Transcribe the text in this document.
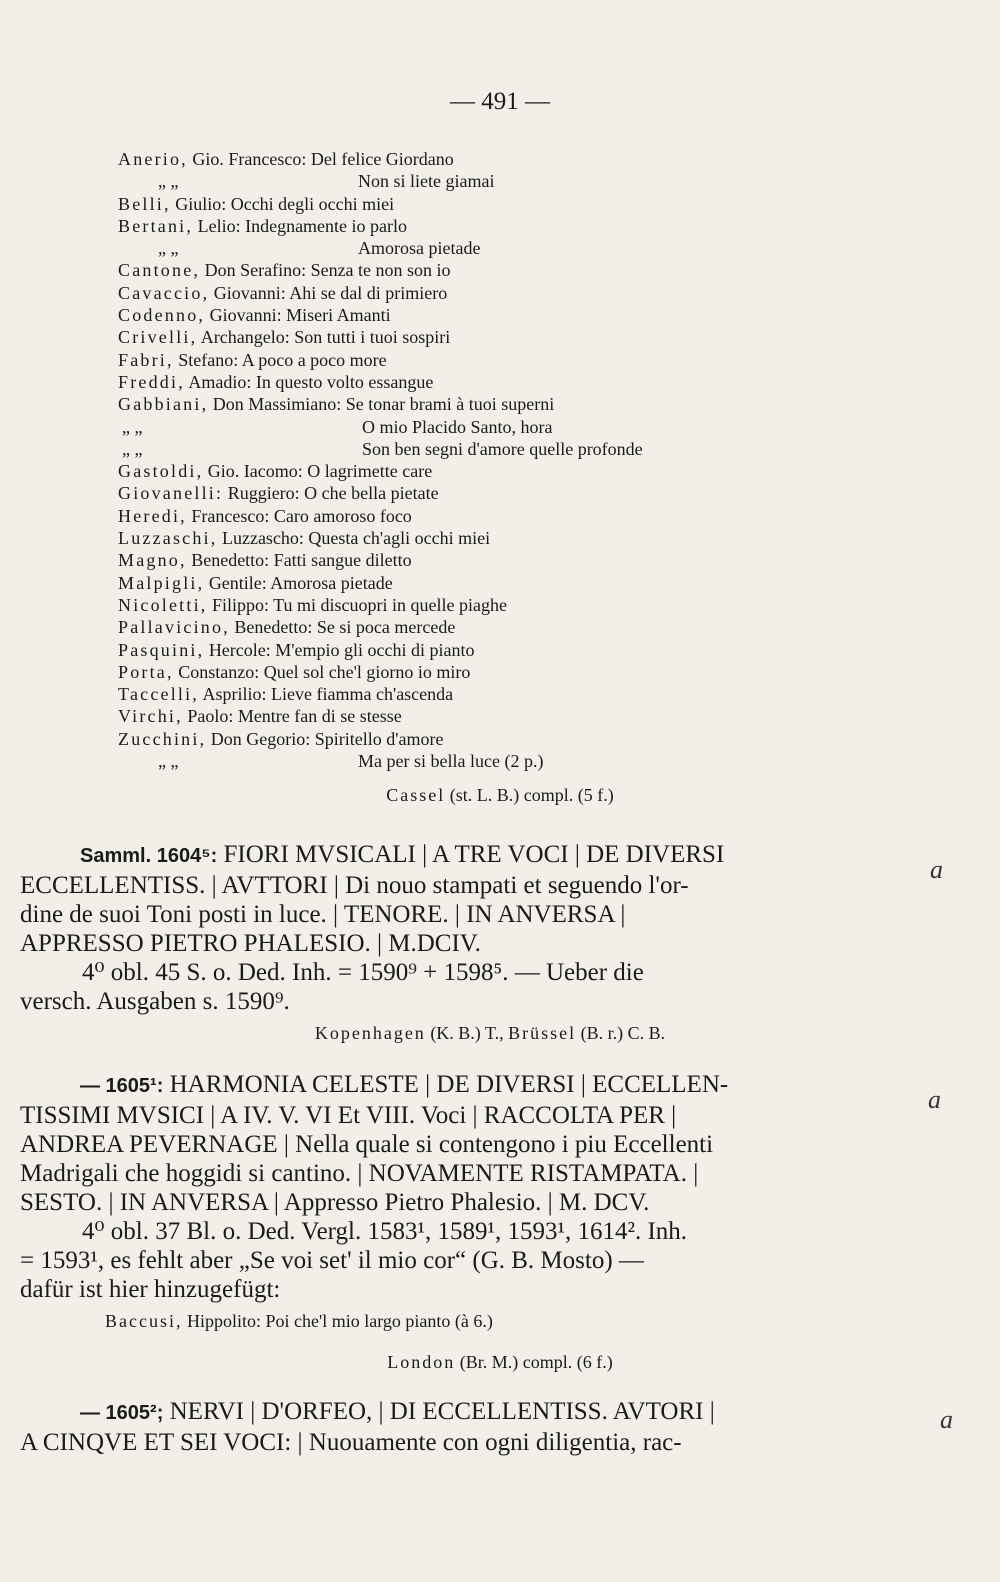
— 491 —
Anerio, Gio. Francesco: Del felice Giordano
„ „	Non si liete giamai
Belli, Giulio: Occhi degli occhi miei
Bertani, Lelio: Indegnamente io parlo
„ „	Amorosa pietade
Cantone, Don Serafino: Senza te non son io
Cavaccio, Giovanni: Ahi se dal di primiero
Codenno, Giovanni: Miseri Amanti
Crivelli, Archangelo: Son tutti i tuoi sospiri
Fabri, Stefano: A poco a poco more
Freddi, Amadio: In questo volto essangue
Gabbiani, Don Massimiano: Se tonar brami à tuoi superni
„ „	O mio Placido Santo, hora
„ „	Son ben segni d'amore quelle profonde
Gastoldi, Gio. Iacomo: O lagrimette care
Giovanelli: Ruggiero: O che bella pietate
Heredi, Francesco: Caro amoroso foco
Luzzaschi, Luzzascho: Questa ch'agli occhi miei
Magno, Benedetto: Fatti sangue diletto
Malpigli, Gentile: Amorosa pietade
Nicoletti, Filippo: Tu mi discuopri in quelle piaghe
Pallavicino, Benedetto: Se si poca mercede
Pasquini, Hercole: M'empio gli occhi di pianto
Porta, Constanzo: Quel sol che'l giorno io miro
Taccelli, Asprilio: Lieve fiamma ch'ascenda
Virchi, Paolo: Mentre fan di se stesse
Zucchini, Don Gegorio: Spiritello d'amore
„ „	Ma per si bella luce (2 p.)
Cassel (st. L. B.) compl. (5 f.)
Samml. 1604⁵: FIORI MVSICALI | A TRE VOCI | DE DIVERSI
ECCELLENTISS. | AVTTORI | Di nouo stampati et seguendo l'or-
dine de suoi Toni posti in luce. | TENORE. | IN ANVERSA |
APPRESSO PIETRO PHALESIO. | M.DCIV.
4⁰ obl. 45 S. o. Ded. Inh. = 1590⁹ + 1598⁵. — Ueber die
versch. Ausgaben s. 1590⁹.
Kopenhagen (K. B.) T., Brüssel (B. r.) C. B.
— 1605¹: HARMONIA CELESTE | DE DIVERSI | ECCELLEN-
TISSIMI MVSICI | A IV. V. VI Et VIII. Voci | RACCOLTA PER |
ANDREA PEVERNAGE | Nella quale si contengono i piu Eccellenti
Madrigali che hoggidi si cantino. | NOVAMENTE RISTAMPATA. |
SESTO. | IN ANVERSA | Appresso Pietro Phalesio. | M. DCV.
4⁰ obl. 37 Bl. o. Ded. Vergl. 1583¹, 1589¹, 1593¹, 1614². Inh.
= 1593¹, es fehlt aber „Se voi set' il mio cor“ (G. B. Mosto) —
dafür ist hier hinzugefügt:
Baccusi, Hippolito: Poi che'l mio largo pianto (à 6.)
London (Br. M.) compl. (6 f.)
— 1605²; NERVI | D'ORFEO, | DI ECCELLENTISS. AVTORI |
A CINQVE ET SEI VOCI: | Nuouamente con ogni diligentia, rac-
a
a
a
